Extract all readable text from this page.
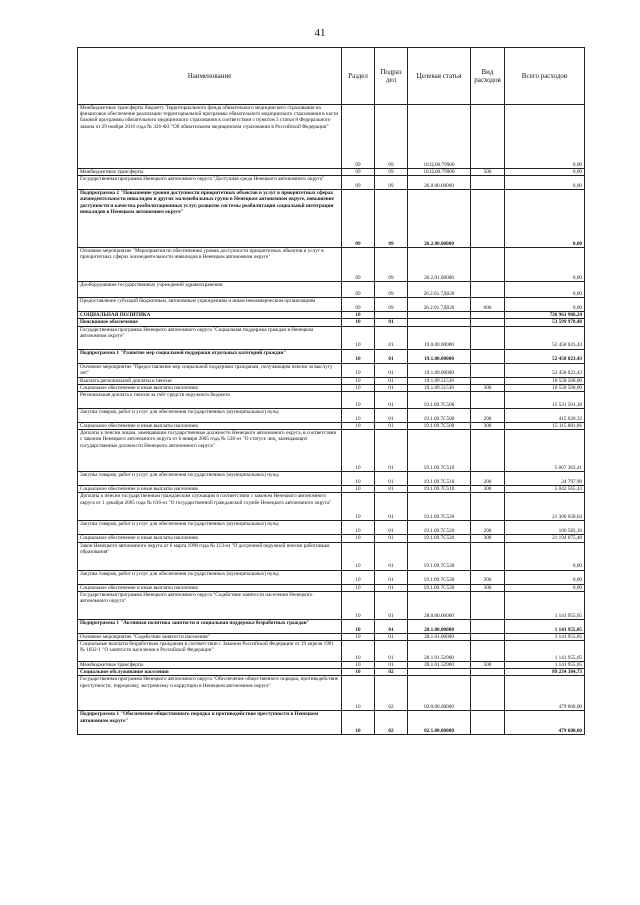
41
Наименование	Раздел	Подраз дел	Целевая статья	Вид расходов	Всего расходов
Межбюджетные трансферты бюджету Территориального фонда обязательного медицинского страхования на финансовое обеспечение реализации территориальной программы обязательного медицинского страхования в части базовой программы обязательного медицинского страхования в соответствии с пунктом 3 статьи 8 Федерального закона от 29 ноября 2010 года № 326-ФЗ "Об обязательном медицинском страховании в Российской Федерации"	09	09	18.Ц.00.79900		0,00
Межбюджетные трансферты	09	09	18.Ц.00.79900	500	0,00
Государственная программа Ненецкого автономного округа "Доступная среда Ненецкого автономного округа"	09	09	26.0.00.00000		0,00
Подпрограмма 2 "Повышение уровня доступности приоритетных объектов и услуг в приоритетных сферах жизнедеятельности инвалидов и других маломобильных групп в Ненецком автономном округе, повышение доступности и качества реабилитационных услуг, развитие системы реабилитации социальной интеграции инвалидов в Ненецком автономном округе"	09	09	26.2.00.00000		0,00
Основное мероприятие "Мероприятия по обеспечению уровня доступности приоритетных объектов и услуг в приоритетных сферах жизнедеятельности инвалидов в Ненецком автономном округе"	09	09	26.2.01.00000		0,00
Дооборудование государственных учреждений здравоохранения	09	09	26.2.01.7Д020		0,00
Предоставление субсидий бюджетным, автономным учреждениям и иным некоммерческим организациям	09	09	26.2.01.7Д020	600	0,00
СОЦИАЛЬНАЯ ПОЛИТИКА	10				736 961 986,24
Пенсионное обеспечение	10	01			53 599 978,48
Государственная программа Ненецкого автономного округа "Социальная поддержка граждан в Ненецком автономном округе"	10	01	19.0.00.00000		52 458 023,43
Подпрограмма 1 "Развитие мер социальной поддержки отдельных категорий граждан"	10	01	19.1.00.00000		52 458 023,43
Основное мероприятие "Предоставление мер социальной поддержки гражданам, получающим пенсии за выслугу лет"	10	01	19.1.09.00000		52 458 023,43
Выплата региональной доплаты к пенсии	10	01	19.1.09.51530		10 558 500,00
Социальное обеспечение и иные выплаты населению	10	01	19.1.09.51530	300	10 558 500,00
Региональная доплата к пенсии за счёт средств окружного бюджета	10	01	19.1.09.7С500		15 531 501,38
Закупка товаров, работ и услуг для обеспечения государственных (муниципальных) нужд	10	01	19.1.09.7С500	200	415 620,32
Социальное обеспечение и иные выплаты населению	10	01	19.1.09.7С500	300	15 115 881,06
Доплаты к пенсии лицам, замещавшим государственные должности Ненецкого автономного округа, в соответствии с законом Ненецкого автономного округа от 6 января 2005 года № 538-оз "О статусе лиц, замещающих государственные должности Ненецкого автономного округа"	10	01	19.1.09.7С510		5 067 363,41
Закупка товаров, работ и услуг для обеспечения государственных (муниципальных) нужд	10	01	19.1.09.7С510	200	24 797,98
Социальное обеспечение и иные выплаты населению	10	01	19.1.09.7С510	300	5 042 565,43
Доплаты к пенсии государственным гражданским служащим в соответствии с законом Ненецкого автономного округа от 1 декабря 2005 года № 636-оз "О государственной гражданской службе Ненецкого автономного округа"	10	01	19.1.09.7С520		21 300 658,64
Закупка товаров, работ и услуг для обеспечения государственных (муниципальных) нужд	10	01	19.1.09.7С520	200	106 583,16
Социальное обеспечение и иные выплаты населению	10	01	19.1.09.7С520	300	21 194 075,48
Закон Ненецкого автономного округа от 6 марта 1998 года № 113-оз "О досрочной окружной пенсии работникам образования"	10	01	19.1.09.7С530		0,00
Закупка товаров, работ и услуг для обеспечения государственных (муниципальных) нужд	10	01	19.1.09.7С530	200	0,00
Социальное обеспечение и иные выплаты населению	10	01	19.1.09.7С530	300	0,00
Государственная программа Ненецкого автономного округа "Содействие занятости населения Ненецкого автономного округа"	10	01	28.0.00.00000		1 141 955,05
Подпрограмма 1 "Активная политика занятости и социальная поддержка безработных граждан"	10	01	28.1.00.00000		1 141 955,05
Основное мероприятие "Содействие занятости населения"	10	01	28.1.01.00000		1 141 955,05
Социальные выплаты безработным гражданам в соответствии с Законом Российской Федерации от 19 апреля 1991 № 1032-1 "О занятости населения в Российской Федерации"	10	01	28.1.01.52900		1 141 955,05
Межбюджетные трансферты	10	01	28.1.01.52900	500	1 141 955,05
Социальное обслуживание населения	10	02			89 234 384,73
Государственная программа Ненецкого автономного округа "Обеспечение общественного порядка, противодействие преступности, терроризму, экстремизму и коррупции в Ненецком автономном округе"	10	02	02.0.00.00000		479 600,00
Подпрограмма 1 "Обеспечение общественного порядка и противодействие преступности в Ненецком автономном округе"	10	02	02.1.00.00000		479 600,00
